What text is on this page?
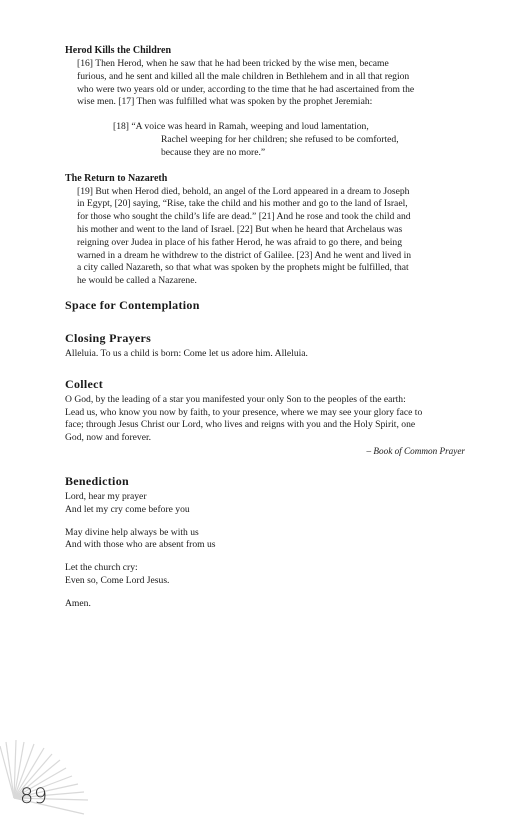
Herod Kills the Children

[16] Then Herod, when he saw that he had been tricked by the wise men, became
furious, and he sent and killed all the male children in Bethlehem and in all that region
who were two years old or under, according to the time that he had ascertained from the
wise men. [17] Then was fulfilled what was spoken by the prophet Jeremiah:

[18] “A voice was heard in Ramah, weeping and loud lamentation,
Rachel weeping for her children; she refused to be comforted,
because they are no more.”

The Return to Nazareth

[19] But when Herod died, behold, an angel of the Lord appeared in a dream to Joseph
in Egypt, [20] saying, “Rise, take the child and his mother and go to the land of Israel,
for those who sought the child’s life are dead.” [21] And he rose and took the child and
his mother and went to the land of Israel. [22] But when he heard that Archelaus was
reigning over Judea in place of his father Herod, he was afraid to go there, and being
warned in a dream he withdrew to the district of Galilee. [23] And he went and lived in
a city called Nazareth, so that what was spoken by the prophets might be fulfilled, that
he would be called a Nazarene.

Space for Contemplation
Closing Prayers

Alleluia. To us a child is born: Come let us adore him. Alleluia.

Collect

O God, by the leading of a star you manifested your only Son to the peoples of the earth:
Lead us, who know you now by faith, to your presence, where we may see your glory face to
face; through Jesus Christ our Lord, who lives and reigns with you and the Holy Spirit, one
God, now and forever.

– Book of Common Prayer

Benediction

Lord, hear my prayer
And let my cry come before you

May divine help always be with us
And with those who are absent from us

Let the church cry:
Even so, Come Lord Jesus.

Amen.

89
